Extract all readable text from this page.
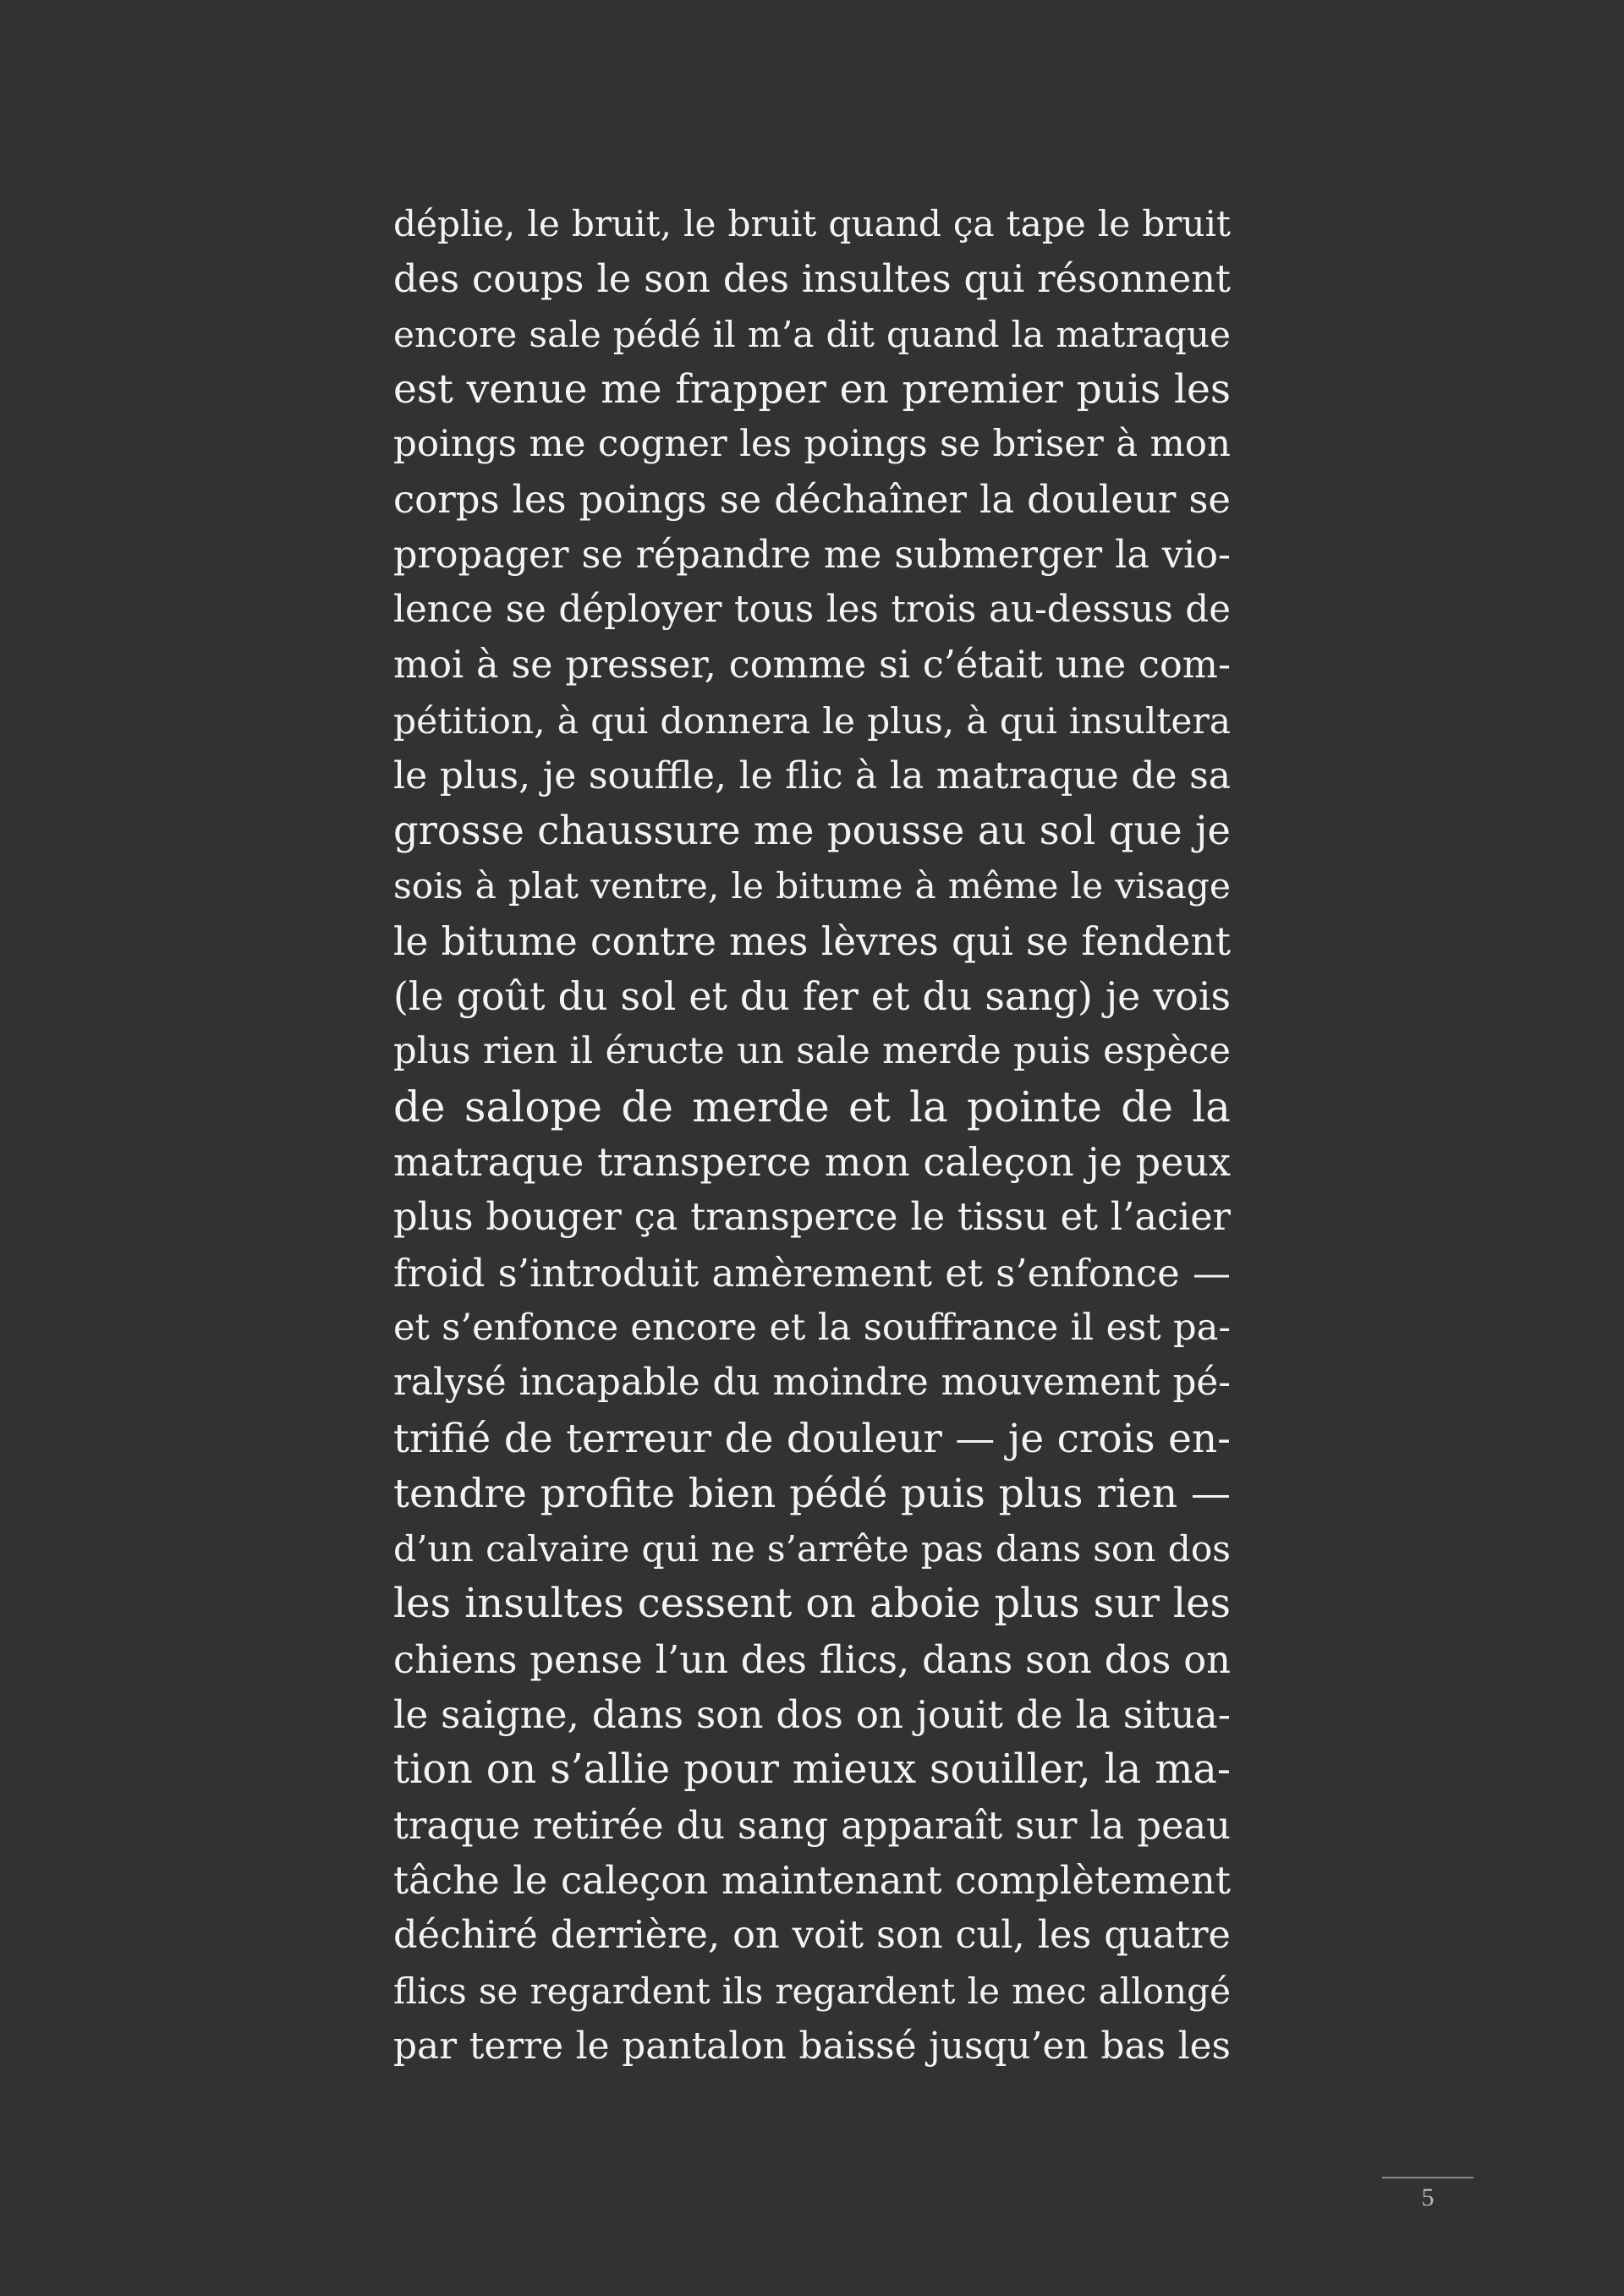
déplie, le bruit, le bruit quand ça tape le bruit
des coups le son des insultes qui résonnent
encore sale pédé il m’a dit quand la matraque
est venue me frapper en premier puis les
poings me cogner les poings se briser à mon
corps les poings se déchaîner la douleur se
propager se répandre me submerger la vio-
lence se déployer tous les trois au-dessus de
moi à se presser, comme si c’était une com-
pétition, à qui donnera le plus, à qui insultera
le plus, je souffle, le flic à la matraque de sa
grosse chaussure me pousse au sol que je
sois à plat ventre, le bitume à même le visage
le bitume contre mes lèvres qui se fendent
(le goût du sol et du fer et du sang) je vois
plus rien il éructe un sale merde puis espèce
de salope de merde et la pointe de la
matraque transperce mon caleçon je peux
plus bouger ça transperce le tissu et l’acier
froid s’introduit amèrement et s’enfonce —
et s’enfonce encore et la souffrance il est pa-
ralysé incapable du moindre mouvement pé-
trifié de terreur de douleur — je crois en-
tendre profite bien pédé puis plus rien —
d’un calvaire qui ne s’arrête pas dans son dos
les insultes cessent on aboie plus sur les
chiens pense l’un des flics, dans son dos on
le saigne, dans son dos on jouit de la situa-
tion on s’allie pour mieux souiller, la ma-
traque retirée du sang apparaît sur la peau
tâche le caleçon maintenant complètement
déchiré derrière, on voit son cul, les quatre
flics se regardent ils regardent le mec allongé
par terre le pantalon baissé jusqu’en bas les
5
